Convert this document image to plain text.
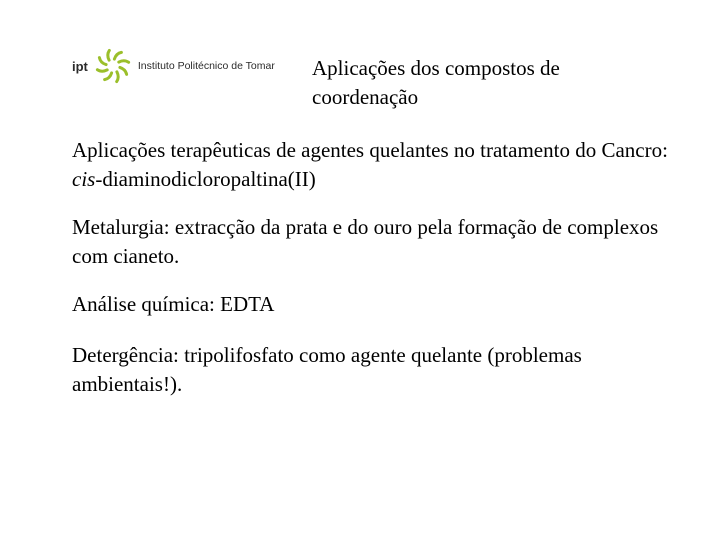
ipt	Instituto Politécnico de Tomar Aplicações dos compostos de coordenação

Aplicações terapêuticas de agentes quelantes no tratamento do Cancro: cis-diaminodicloropaltina(II)

Metalurgia: extracção da prata e do ouro pela formação de complexos com cianeto.

Análise química: EDTA

Detergência: tripolifosfato como agente quelante (problemas ambientais!).
